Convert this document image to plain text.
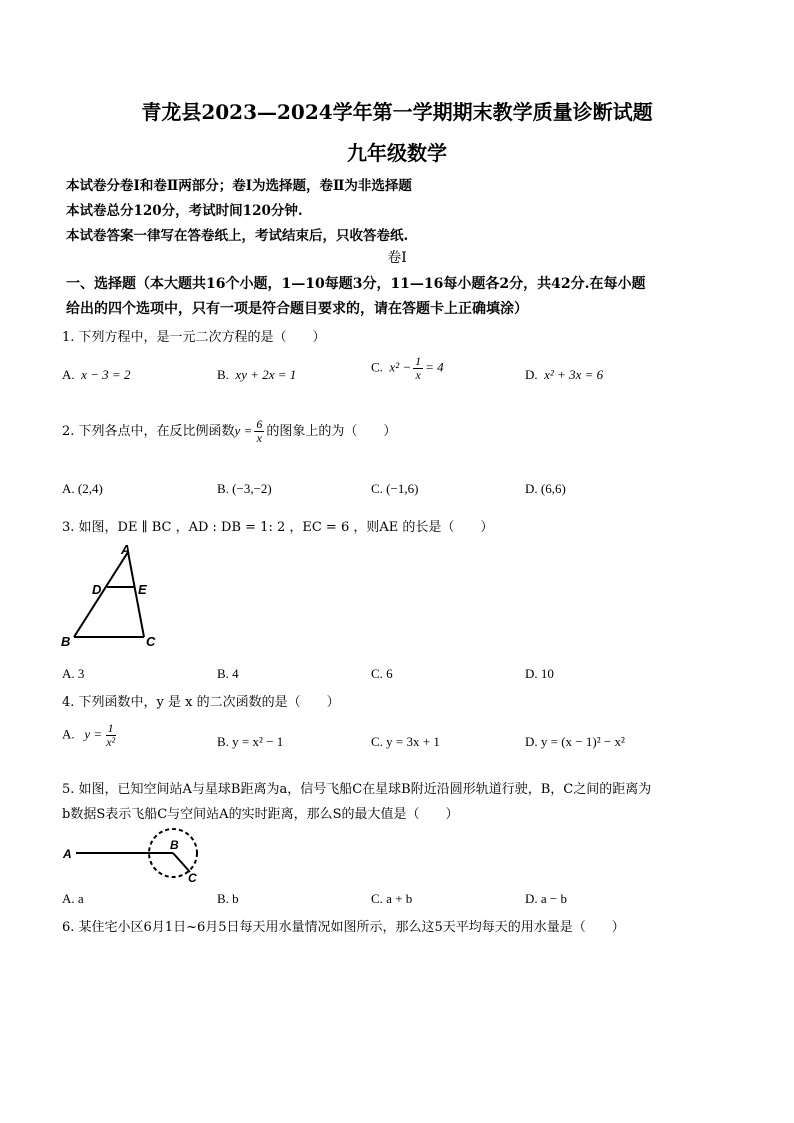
青龙县2023—2024学年第一学期期末教学质量诊断试题
九年级数学
本试卷分卷Ⅰ和卷Ⅱ两部分；卷Ⅰ为选择题，卷Ⅱ为非选择题
本试卷总分120分，考试时间120分钟.
本试卷答案一律写在答卷纸上，考试结束后，只收答卷纸.
卷Ⅰ
一、选择题（本大题共16个小题，1—10每题3分，11—16每小题各2分，共42分.在每小题
给出的四个选项中，只有一项是符合题目要求的，请在答题卡上正确填涂）
1. 下列方程中，是一元二次方程的是（　　）
A. x − 3 = 2	B. xy + 2x = 1
C. $x^2 - \frac{1}{x} = 4$
D. x² + 3x = 6
2. 下列各点中，在反比例函数$y = \frac{6}{x}$ 的图象上的为（　　）
A. (2,4)	B. (−3,−2)	C. (−1,6)	D. (6,6)
3. 如图，DE ∥ BC ，AD : DB = 1: 2 ，EC = 6 ，则AE 的长是（　　）
A
D	E
B	C
A. 3	B. 4	C. 6	D. 10
4. 下列函数中，y 是 x 的二次函数的是（　　）
A. $y = \frac{1}{\text{x²}}$	B. y = x² − 1	C. y = 3x + 1	D. y = (x − 1)² − x²
5. 如图，已知空间站A与星球B距离为a，信号飞船C在星球B附近沿圆形轨道行驶，B，C之间的距离为
b数据S表示飞船C与空间站A的实时距离，那么S的最大值是（　　）
A
B
C
A. a	B. b	C. a + b	D. a − b
6. 某住宅小区6月1日~6月5日每天用水量情况如图所示，那么这5天平均每天的用水量是（　　）
